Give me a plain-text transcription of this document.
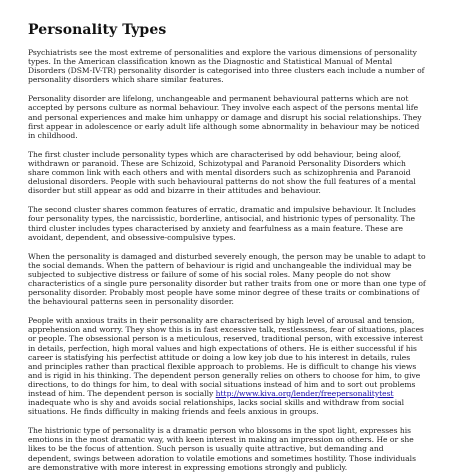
Personality Types

Psychiatrists see the most extreme of personalities and explore the various dimensions of personality types. In the American classification known as the Diagnostic and Statistical Manual of Mental Disorders (DSM-IV-TR) personality disorder is categorised into three clusters each include a number of personality disorders which share similar features.

Personality disorder are lifelong, unchangeable and permanent behavioural patterns which are not accepted by persons culture as normal behaviour. They involve each aspect of the persons mental life and personal experiences and make him unhappy or damage and disrupt his social relationships. They first appear in adolescence or early adult life although some abnormality in behaviour may be noticed in childhood.

The first cluster include personality types which are characterised by odd behaviour, being aloof, withdrawn or paranoid. These are Schizoid, Schizotypal and Paranoid Personality Disorders which share common link with each others and with mental disorders such as schizophrenia and Paranoid delusional disorders. People with such behavioural patterns do not show the full features of a mental disorder but still appear as odd and bizarre in their attitudes and behaviour.

The second cluster shares common features of erratic, dramatic and impulsive behaviour. It Includes four personality types, the narcissistic, borderline, antisocial, and histrionic types of personality. The third cluster includes types characterised by anxiety and fearfulness as a main feature. These are avoidant, dependent, and obsessive-compulsive types.

When the personality is damaged and disturbed severely enough, the person may be unable to adapt to the social demands. When the pattern of behaviour is rigid and unchangeable the individual may be subjected to subjective distress or failure of some of his social roles. Many people do not show characteristics of a single pure personality disorder but rather traits from one or more than one type of personality disorder. Probably most people have some minor degree of these traits or combinations of the behavioural patterns seen in personality disorder.

People with anxious traits in their personality are characterised by high level of arousal and tension, apprehension and worry. They show this is in fast excessive talk, restlessness, fear of situations, places or people. The obsessional person is a meticulous, reserved, traditional person, with excessive interest in details, perfection, high moral values and high expectations of others. He is either successful if his career is statisfying his perfectist attitude or doing a low key job due to his interest in details, rules and principles rather than practical flexible approach to problems. He is difficult to change his views and is rigid in his thinking. The dependent person generally relies on others to choose for him, to give directions, to do things for him, to deal with social situations instead of him and to sort out problems instead of him. The dependent person is socially http://www.kiva.org/lender/freepersonalitytest inadequate who is shy and avoids social relationships, lacks social skills and withdraw from social situations. He finds difficulty in making friends and feels anxious in groups.

The histrionic type of personality is a dramatic person who blossoms in the spot light, expresses his emotions in the most dramatic way, with keen interest in making an impression on others. He or she likes to be the focus of attention. Such person is usually quite attractive, but demanding and dependent, swings between adoration to volatile emotions and sometimes hostility. Those individuals are demonstrative with more interest in expressing emotions strongly and publicly.
